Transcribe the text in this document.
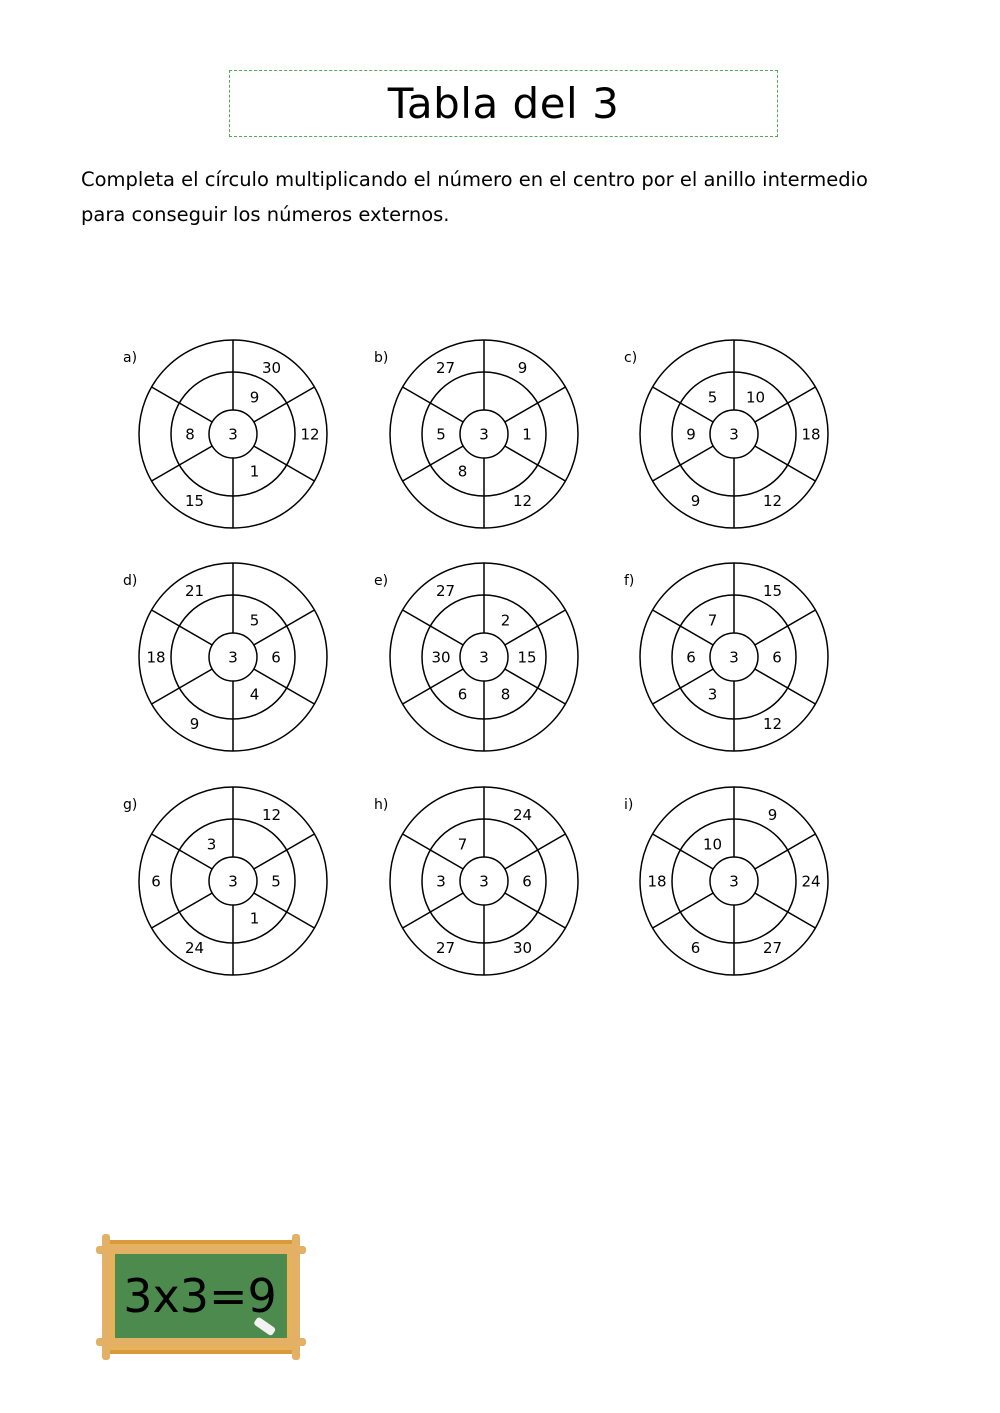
Tabla del 3

Completa el círculo multiplicando el número en el centro por el anillo intermedio para conseguir los números externos.

a)
3
9
1
8
30
12
15
b)
3 1
8
5
9
12
27
c)
3
10
9
5
18
12
9
d)
3
5
6
4
9
18
21
e)
3
2
15
8
6
30
27
f)
3 6
3
6
7
15
12
g)
3 5
1
3
12
24
6
h)
3 6
3
7
24
30
27
i)
3
10
9
24
27
6
18
3x3=9
